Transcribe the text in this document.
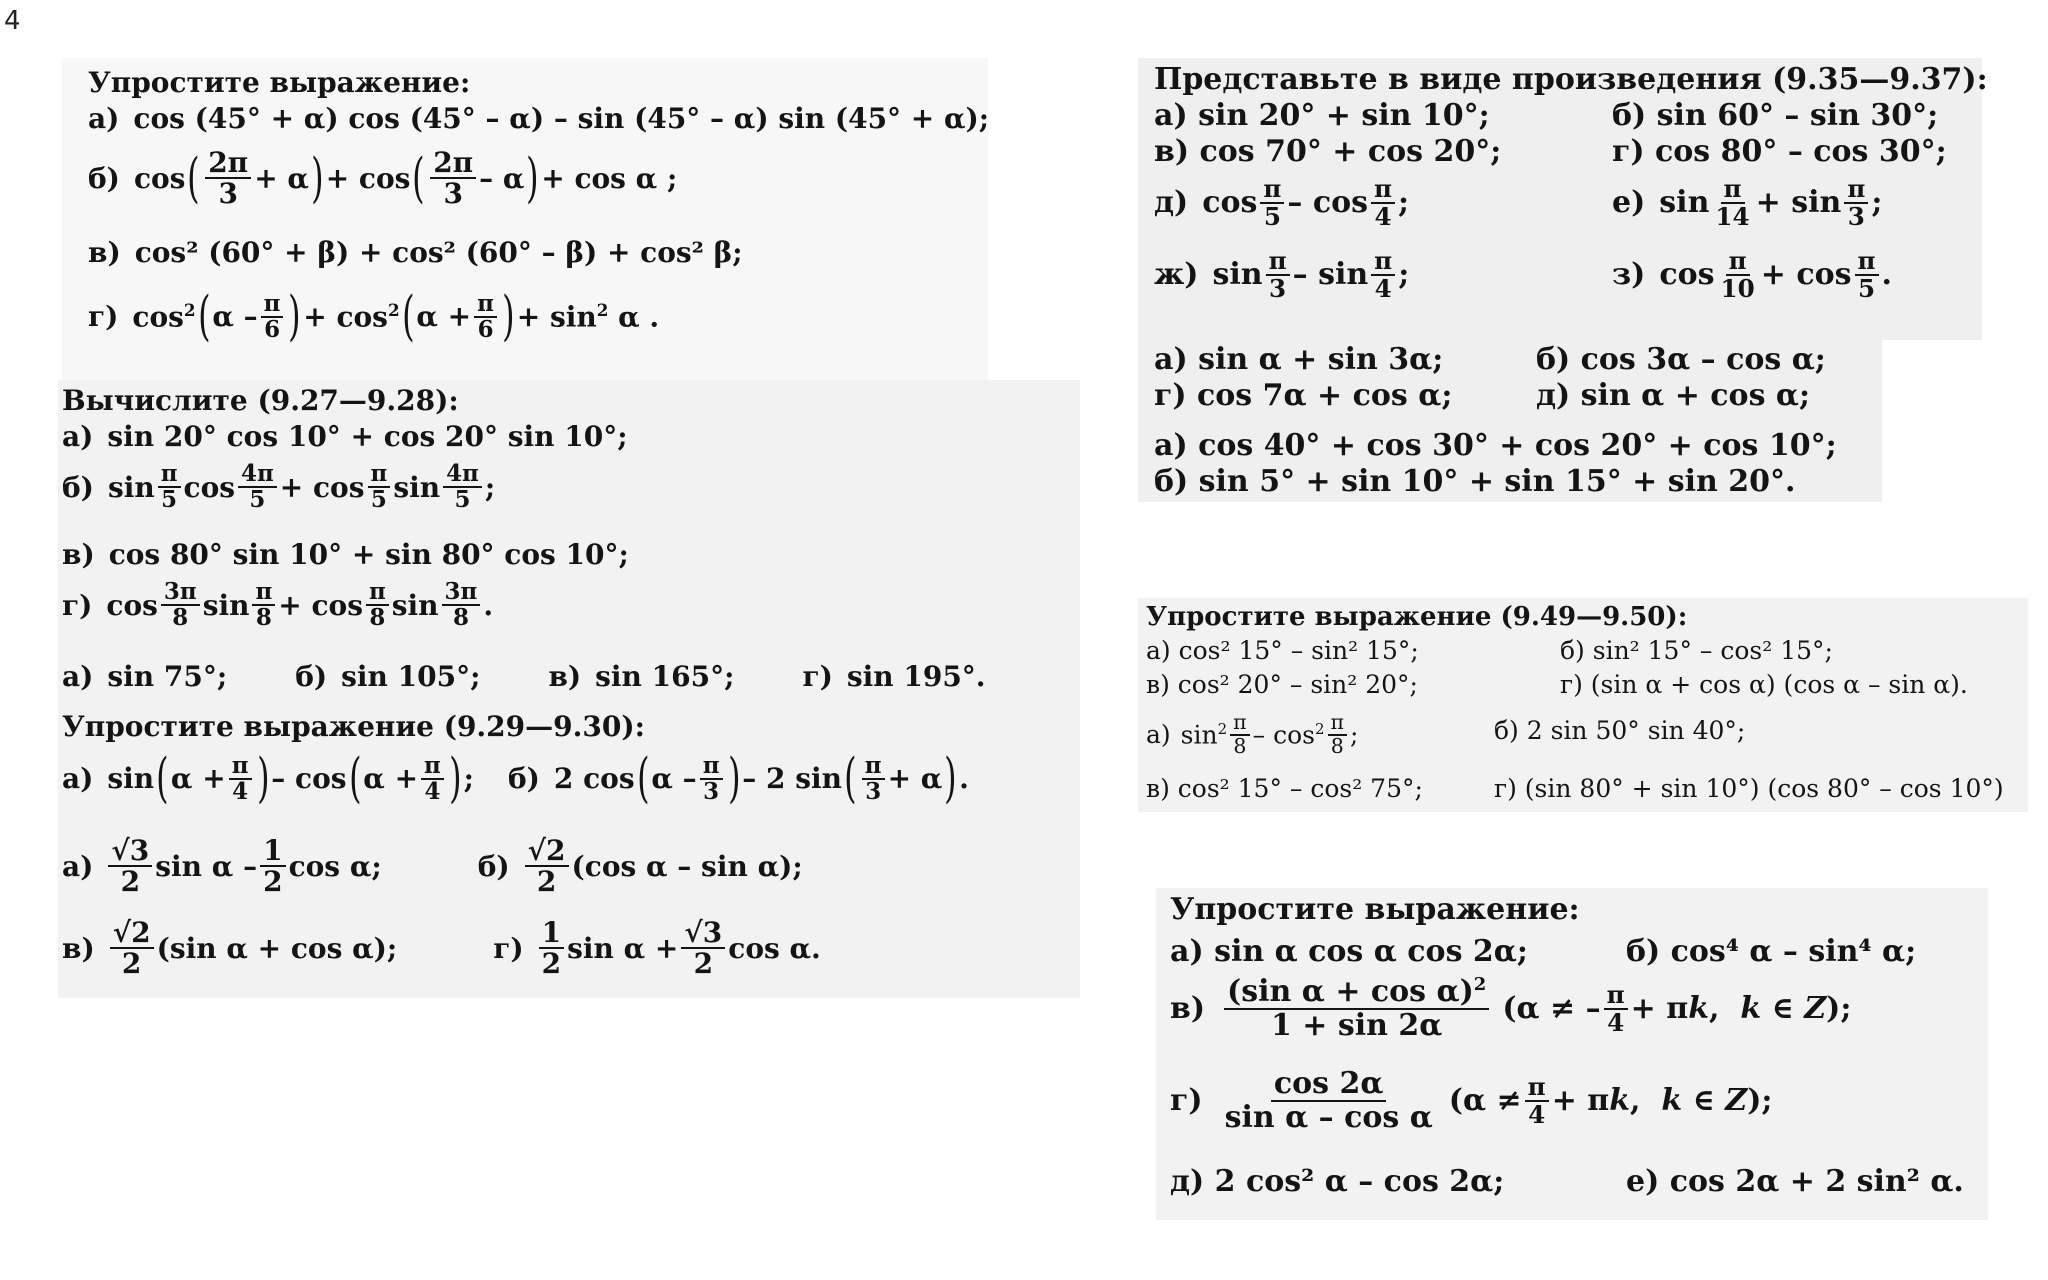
4
Упростите выражение:
а) cos (45° + α) cos (45° – α) – sin (45° – α) sin (45° + α);
б) cos ( $\frac{2\pi}{3} + \alpha$ ) + cos ( $\frac{2\pi}{3}$ – α ) + cos α ;
в) cos² (60° + β) + cos² (60° – β) + cos² β;
г) $\cos^2$ ( α – $\frac{\pi}{6}$ ) + $\cos^2$ ( $\alpha + \frac{\pi}{6}$ ) + $\sin^2 \alpha$ .
Вычислите (9.27—9.28):
а) sin 20° cos 10° + cos 20° sin 10°;
б) $\sin \frac{\pi}{5}$ $\cos \frac{4\pi}{5} + \cos \frac{\pi}{5}$ $\sin \frac{4\pi}{5}$ ;
в) cos 80° sin 10° + sin 80° cos 10°;
г) $\cos \frac{3\pi}{8}$ $\sin \frac{\pi}{8} + \cos \frac{\pi}{8}$ $\sin \frac{3\pi}{8}$ .
а) sin 75°; б) sin 105°; в) sin 165°; г) sin 195°.
Упростите выражение (9.29—9.30):
а) sin ( $\alpha + \frac{\pi}{4}$ ) – cos ( $\alpha + \frac{\pi}{4}$ ) ; б) 2 cos ( α – $\frac{\pi}{3}$ ) – 2 sin ( $\frac{\pi}{3} + \alpha$ ) .
$а) \frac{√3}{2}$ sin α – $\frac{1}{2}$ cos α;	$б) \frac{√2}{2} (\cos$ α – sin α);
$в) \frac{√2}{2} (\sin$ α + cos α);	$г) \frac{1}{2}$ $\sin \alpha + \frac{√3}{2}$ cos α.
Представьте в виде произведения (9.35—9.37):
а) sin 20° + sin 10°;	б) sin 60° – sin 30°;
в) cos 70° + cos 20°;	г) cos 80° – cos 30°;
д) $\cos \frac{\pi}{5}$ – $\cos \frac{\pi}{4}$ ;	е) $\sin \frac{\pi}{14} + \sin \frac{\pi}{3}$ ;
ж) $\sin \frac{\pi}{3}$ – $\sin \frac{\pi}{4}$ ;	з) $\cos \frac{\pi}{10} + \cos \frac{\pi}{5}$ .
а) sin α + sin 3α;	б) cos 3α – cos α;
г) cos 7α + cos α;	д) sin α + cos α;
а) cos 40° + cos 30° + cos 20° + cos 10°;
б) sin 5° + sin 10° + sin 15° + sin 20°.
Упростите выражение (9.49—9.50):
а) cos² 15° – sin² 15°;	б) sin² 15° – cos² 15°;
в) cos² 20° – sin² 20°;	г) (sin α + cos α) (cos α – sin α).
а) $\sin^2 \frac{\pi}{8} - \cos^2 \frac{\pi}{8}$ ;	б) 2 sin 50° sin 40°;
в) cos² 15° – cos² 75°;	г) (sin 80° + sin 10°) (cos 80° – cos 10°)
Упростите выражение:
а) sin α cos α cos 2α;	б) cos⁴ α – sin⁴ α;
$в) \frac{(\sin \alpha + \cos \alpha)^2}{1 + \sin 2\alpha} (\alpha$ ≠ – $\frac{\pi}{4} + \pi k$,  k ∈ Z);
$г) \frac{\cos 2\alpha}{\text{sin α – cos α}} (\alpha \ne \frac{\pi}{4} + \pi k$,  k ∈ Z);
д) 2 cos² α – cos 2α;	е) cos 2α + 2 sin² α.
